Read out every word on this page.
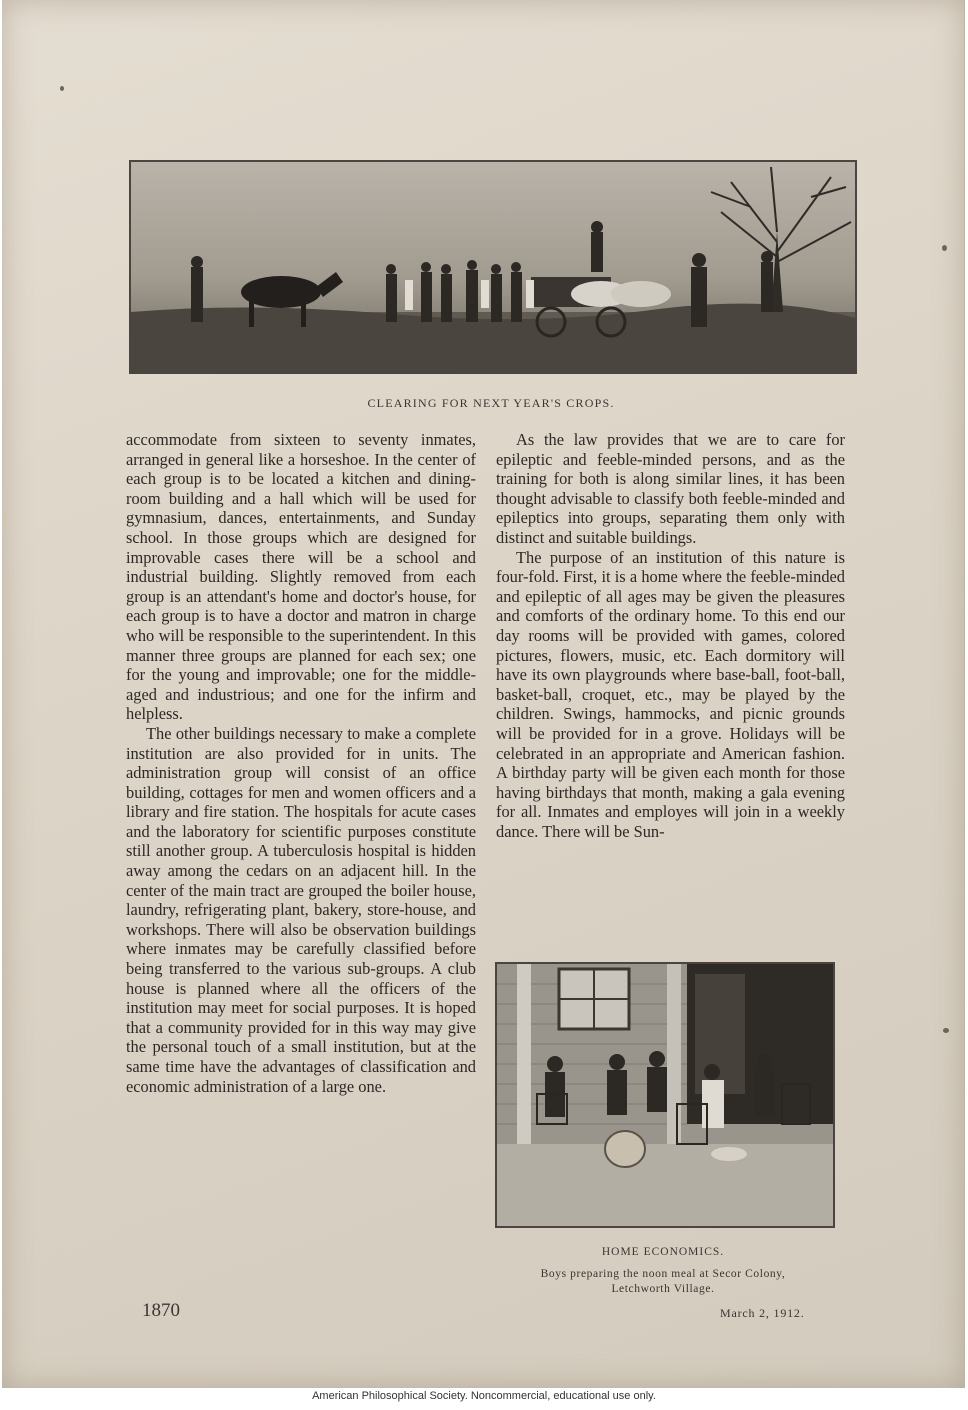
CLEARING FOR NEXT YEAR'S CROPS.

accommodate from sixteen to seventy inmates, arranged in general like a horseshoe. In the center of each group is to be located a kitchen and dining-room building and a hall which will be used for gymnasium, dances, entertainments, and Sunday school. In those groups which are designed for improvable cases there will be a school and industrial building. Slightly removed from each group is an attendant's home and doctor's house, for each group is to have a doctor and matron in charge who will be responsible to the superintendent. In this manner three groups are planned for each sex; one for the young and improvable; one for the middle-aged and industrious; and one for the infirm and helpless.

The other buildings necessary to make a complete institution are also provided for in units. The administration group will consist of an office building, cottages for men and women officers and a library and fire station. The hospitals for acute cases and the laboratory for scientific purposes constitute still another group. A tuberculosis hospital is hidden away among the cedars on an adjacent hill. In the center of the main tract are grouped the boiler house, laundry, refrigerating plant, bakery, store-house, and workshops. There will also be observation buildings where inmates may be carefully classified before being transferred to the various sub-groups. A club house is planned where all the officers of the institution may meet for social purposes. It is hoped that a community provided for in this way may give the personal touch of a small institution, but at the same time have the advantages of classification and economic administration of a large one.

As the law provides that we are to care for epileptic and feeble-minded persons, and as the training for both is along similar lines, it has been thought advisable to classify both feeble-minded and epileptics into groups, separating them only with distinct and suitable buildings.

The purpose of an institution of this nature is four-fold. First, it is a home where the feeble-minded and epileptic of all ages may be given the pleasures and comforts of the ordinary home. To this end our day rooms will be provided with games, colored pictures, flowers, music, etc. Each dormitory will have its own playgrounds where base-ball, foot-ball, basket-ball, croquet, etc., may be played by the children. Swings, hammocks, and picnic grounds will be provided for in a grove. Holidays will be celebrated in an appropriate and American fashion. A birthday party will be given each month for those having birthdays that month, making a gala evening for all. Inmates and employes will join in a weekly dance. There will be Sun-

HOME ECONOMICS.
Boys preparing the noon meal at Secor Colony,
Letchworth Village.
1870	March 2, 1912.
American Philosophical Society. Noncommercial, educational use only.
